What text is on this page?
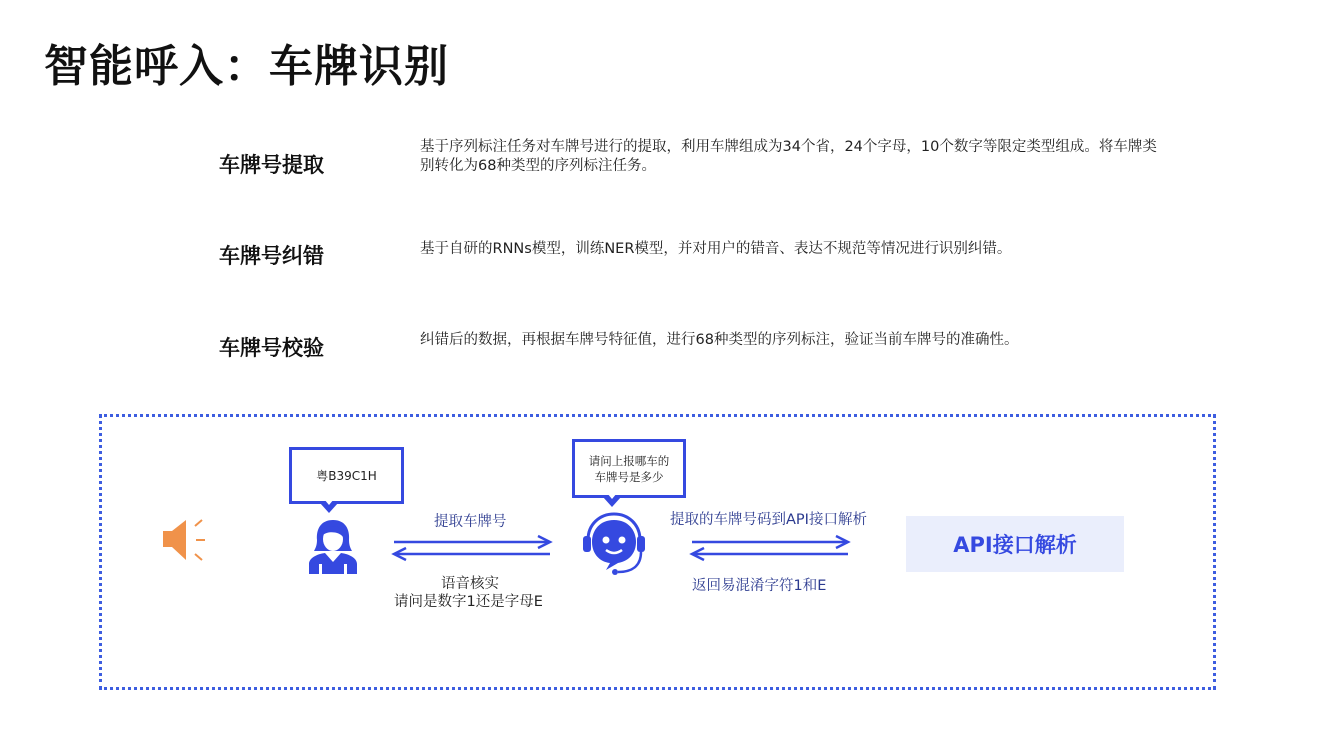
智能呼入：车牌识别
车牌号提取
基于序列标注任务对车牌号进行的提取，利用车牌组成为34个省，24个字母，10个数字等限定类型组成。将车牌类别转化为68种类型的序列标注任务。
车牌号纠错	基于自研的RNNs模型，训练NER模型，并对用户的错音、表达不规范等情况进行识别纠错。
车牌号校验	纠错后的数据，再根据车牌号特征值，进行68种类型的序列标注，验证当前车牌号的准确性。
粤B39C1H
请问上报哪车的车牌号是多少
提取车牌号
语音核实
请问是数字1还是字母E
提取的车牌号码到API接口解析
返回易混淆字符1和E
API接口解析
